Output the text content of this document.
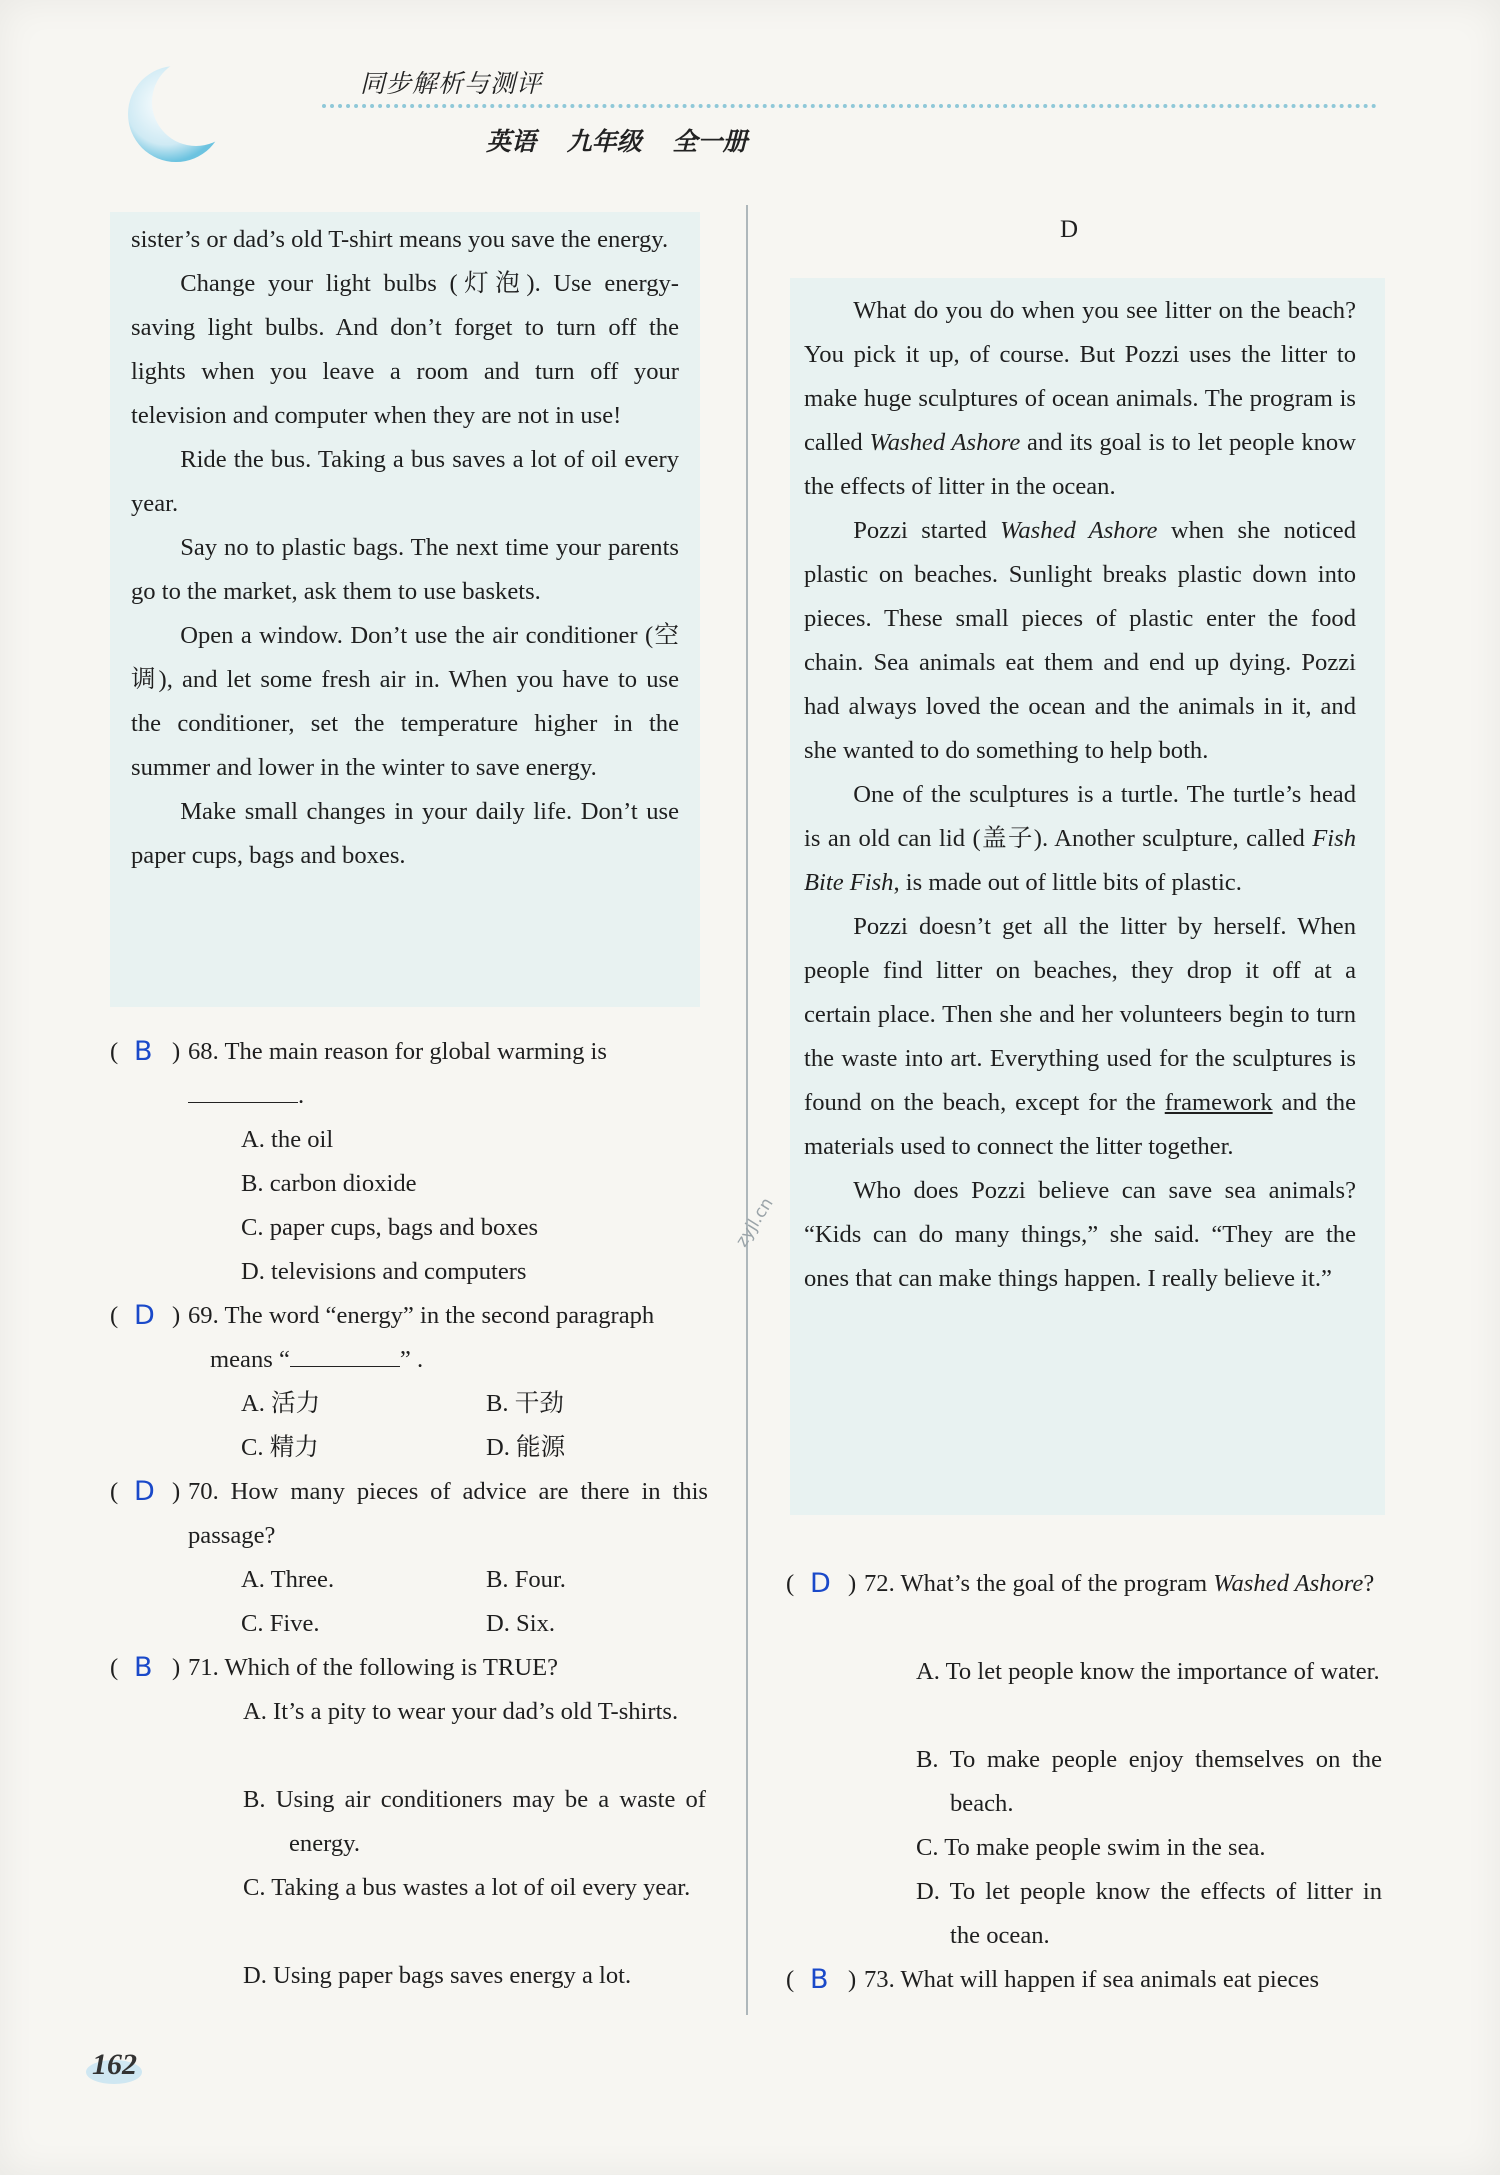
同步解析与测评
英语 九年级 全一册

sister’s or dad’s old T-shirt means you save the energy.

Change your light bulbs (灯泡). Use energy-saving light bulbs. And don’t forget to turn off the lights when you leave a room and turn off your television and computer when they are not in use!

Ride the bus. Taking a bus saves a lot of oil every year.

Say no to plastic bags. The next time your parents go to the market, ask them to use baskets.

Open a window. Don’t use the air conditioner (空 调), and let some fresh air in. When you have to use the conditioner, set the temperature higher in the summer and lower in the winter to save energy.

Make small changes in your daily life. Don’t use paper cups, bags and boxes.

( B ) 68. The main reason for global warming is
.
A. the oil
B. carbon dioxide
C. paper cups, bags and boxes
D. televisions and computers
( D ) 69. The word “energy” in the second paragraph
means “	” .
A. 活力	B. 干劲
C. 精力	D. 能源
( D ) 70. How many pieces of advice are there in this passage?
A. Three.	B. Four.
C. Five.	D. Six.
( B ) 71. Which of the following is TRUE?
A. It’s a pity to wear your dad’s old T-shirts.
B. Using air conditioners may be a waste of energy.
C. Taking a bus wastes a lot of oil every year.
D. Using paper bags saves energy a lot.
D

What do you do when you see litter on the beach? You pick it up, of course. But Pozzi uses the litter to make huge sculptures of ocean animals. The program is called Washed Ashore and its goal is to let people know the effects of litter in the ocean.

Pozzi started Washed Ashore when she noticed plastic on beaches. Sunlight breaks plastic down into pieces. These small pieces of plastic enter the food chain. Sea animals eat them and end up dying. Pozzi had always loved the ocean and the animals in it, and she wanted to do something to help both.

One of the sculptures is a turtle. The turtle’s head is an old can lid (盖子). Another sculpture, called Fish Bite Fish, is made out of little bits of plastic.

Pozzi doesn’t get all the litter by herself. When people find litter on beaches, they drop it off at a certain place. Then she and her volunteers begin to turn the waste into art. Everything used for the sculptures is found on the beach, except for the framework and the materials used to connect the litter together.

Who does Pozzi believe can save sea animals? “Kids can do many things,” she said. “They are the ones that can make things happen. I really believe it.”

( D ) 72. What’s the goal of the program Washed Ashore?
A. To let people know the importance of water.
B. To make people enjoy themselves on the beach.
C. To make people swim in the sea.
D. To let people know the effects of litter in the ocean.
( B ) 73. What will happen if sea animals eat pieces
zyjl.cn
162
